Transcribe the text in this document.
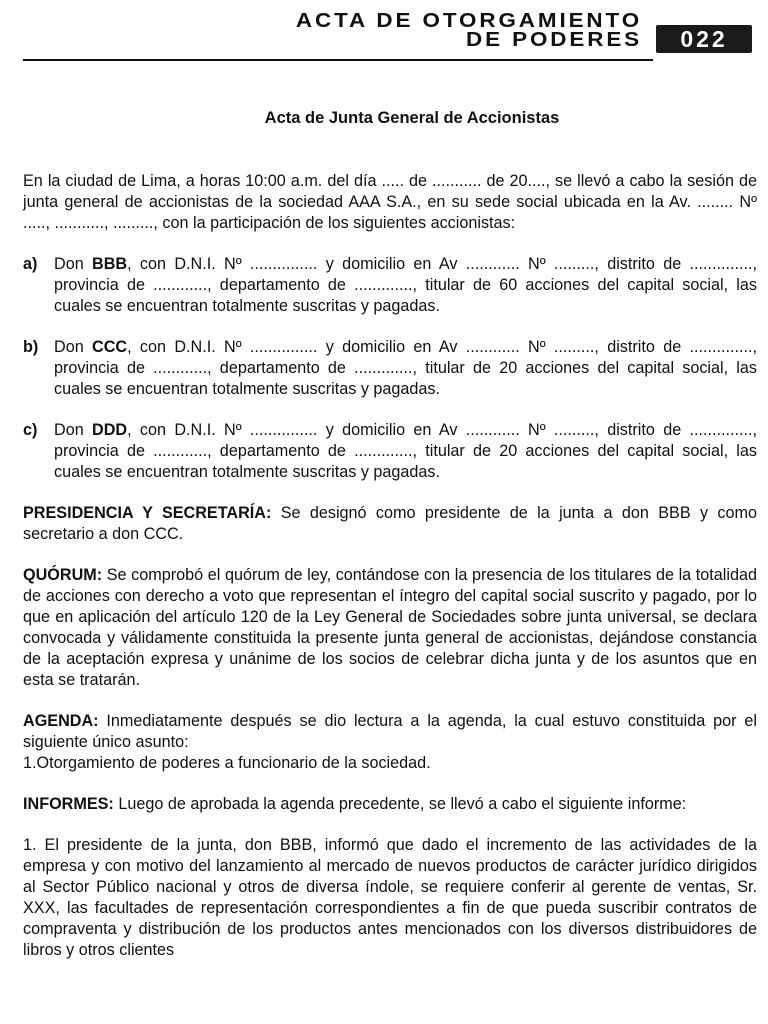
ACTA DE OTORGAMIENTO
DE PODERES	022
Acta de Junta General de Accionistas

En la ciudad de Lima, a horas 10:00 a.m. del día ..... de ........... de 20...., se llevó a cabo la sesión de junta general de accionistas de la sociedad AAA S.A., en su sede social ubicada en la Av. ........ Nº ....., ..........., ........., con la participación de los siguientes accionistas:

a)	Don BBB, con D.N.I. Nº ............... y domicilio en Av ............ Nº ........., distrito de .............., provincia de ............, departamento de ............., titular de 60 acciones del capital social, las cuales se encuentran totalmente suscritas y pagadas.
b) Don CCC, con D.N.I. Nº ............... y domicilio en Av ............ Nº ........., distrito de .............., provincia de ............, departamento de ............., titular de 20 acciones del capital social, las cuales se encuentran totalmente suscritas y pagadas.
c)	Don DDD, con D.N.I. Nº ............... y domicilio en Av ............ Nº ........., distrito de .............., provincia de ............, departamento de ............., titular de 20 acciones del capital social, las cuales se encuentran totalmente suscritas y pagadas.

PRESIDENCIA Y SECRETARÍA: Se designó como presidente de la junta a don BBB y como secretario a don CCC.

QUÓRUM: Se comprobó el quórum de ley, contándose con la presencia de los titulares de la totalidad de acciones con derecho a voto que representan el íntegro del capital social suscrito y pagado, por lo que en aplicación del artículo 120 de la Ley General de Sociedades sobre junta universal, se declara convocada y válidamente constituida la presente junta general de accionistas, dejándose constancia de la aceptación expresa y unánime de los socios de celebrar dicha junta y de los asuntos que en esta se tratarán.

AGENDA: Inmediatamente después se dio lectura a la agenda, la cual estuvo constituida por el siguiente único asunto:

1.Otorgamiento de poderes a funcionario de la sociedad.

INFORMES: Luego de aprobada la agenda precedente, se llevó a cabo el siguiente informe:

1. El presidente de la junta, don BBB, informó que dado el incremento de las actividades de la empresa y con motivo del lanzamiento al mercado de nuevos productos de carácter jurídico dirigidos al Sector Público nacional y otros de diversa índole, se requiere conferir al gerente de ventas, Sr. XXX, las facultades de representación correspondientes a fin de que pueda suscribir contratos de compraventa y distribución de los productos antes mencionados con los diversos distribuidores de libros y otros clientes
